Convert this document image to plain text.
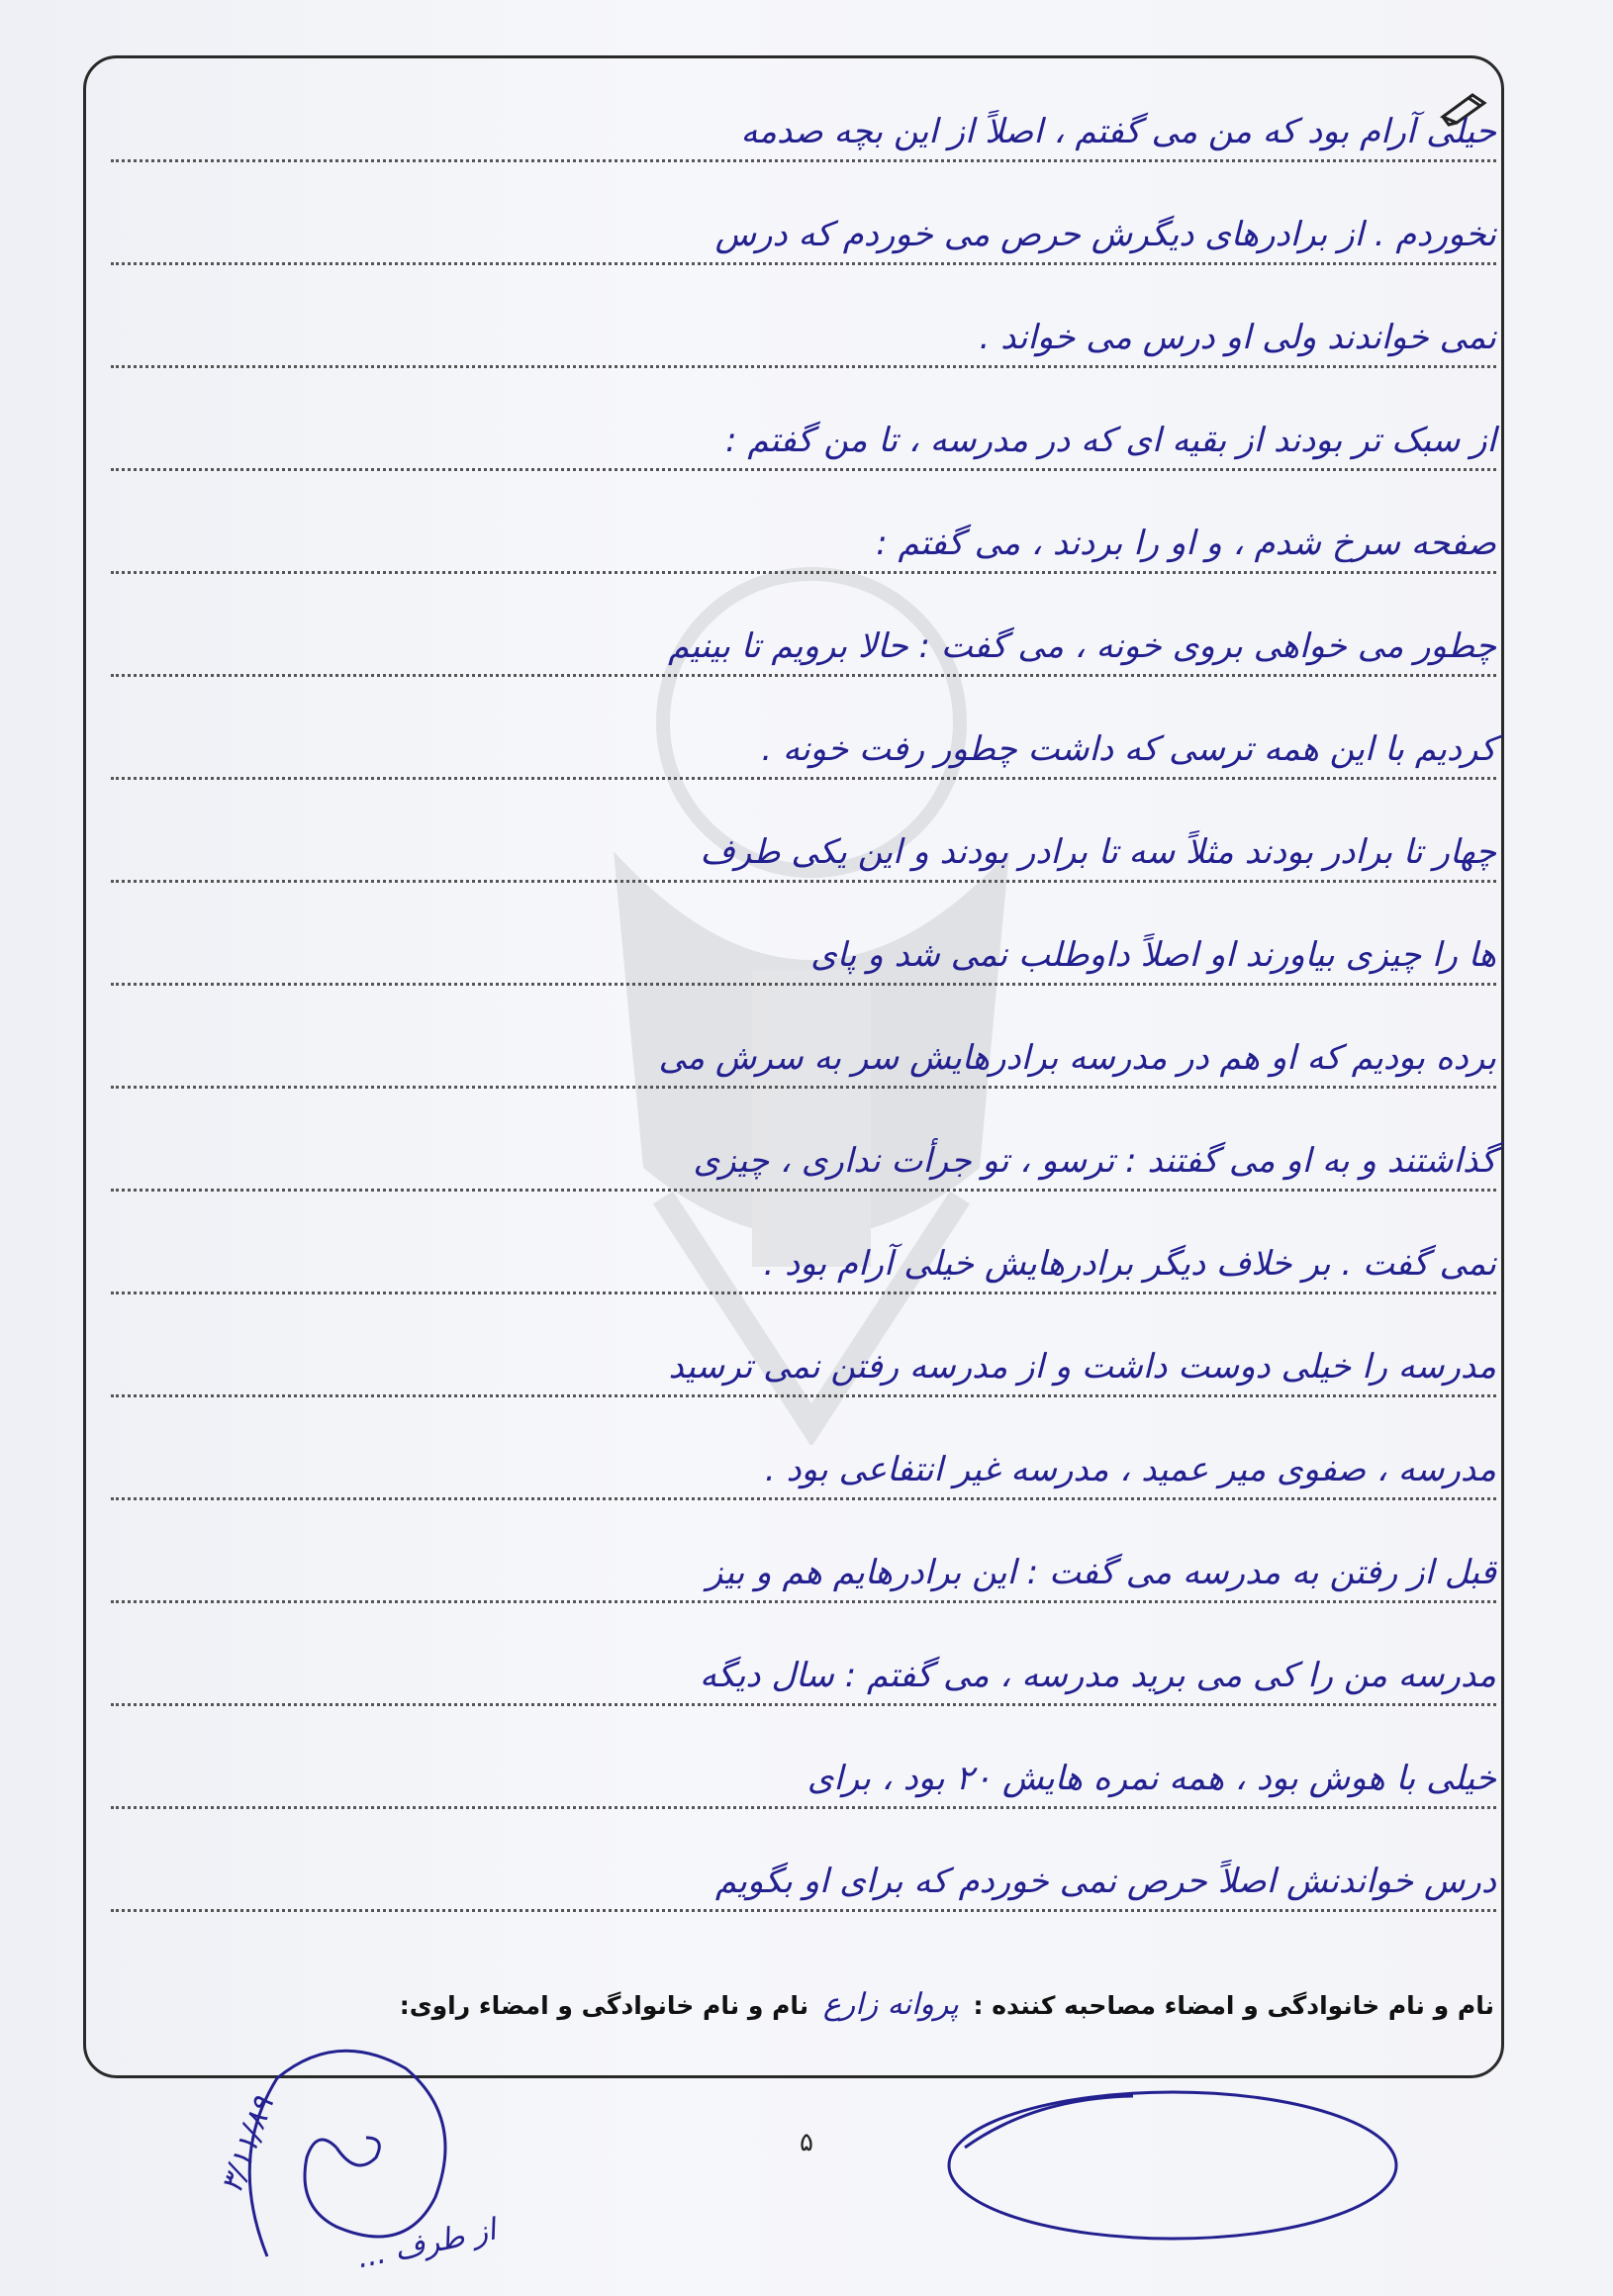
حیلی آرام بود که من می گفتم ، اصلاً از این بچه صدمه
نخوردم . از برادرهای دیگرش حرص می خوردم که درس
نمی خواندند ولی او درس می خواند .
از سبک تر بودند از بقیه ای که در مدرسه ، تا من گفتم :
صفحه سرخ شدم ، و او را بردند ، می گفتم :
چطور می خواهی بروی خونه ، می گفت : حالا برویم تا بینیم
کردیم با این همه ترسی که داشت چطور رفت خونه .
چهار تا برادر بودند مثلاً سه تا برادر بودند و این یکی طرف
ها را چیزی بیاورند او اصلاً داوطلب نمی شد و پای
برده بودیم که او هم در مدرسه برادرهایش سر به سرش می
گذاشتند و به او می گفتند : ترسو ، تو جرأت نداری ، چیزی
نمی گفت . بر خلاف دیگر برادرهایش خیلی آرام بود .
مدرسه را خیلی دوست داشت و از مدرسه رفتن نمی ترسید
مدرسه ، صفوی میر عمید ، مدرسه غیر انتفاعی بود .
قبل از رفتن به مدرسه می گفت : این برادرهایم هم و بیز
مدرسه من را کی می برید مدرسه ، می گفتم : سال دیگه
خیلی با هوش بود ، همه نمره هایش ۲۰ بود ، برای
درس خواندنش اصلاً حرص نمی خوردم که برای او بگویم
نام و نام خانوادگی و امضاء مصاحبه کننده : پروانه زارع نام و نام خانوادگی و امضاء راوی:
۳/۱۱/۸۹
از طرف ...
۵
